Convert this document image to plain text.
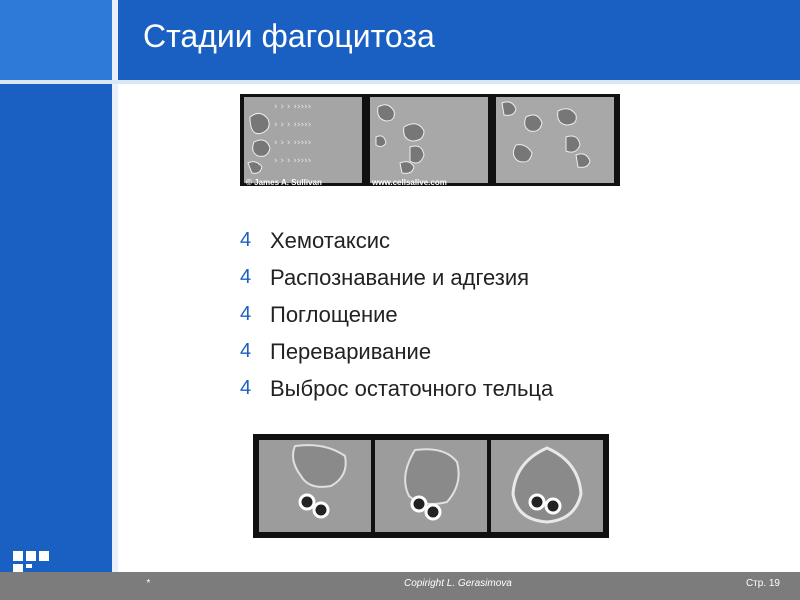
Стадии фагоцитоза
› › › ›››››
› › › ›››››
› › › ›››››
› › › ›››››
© James A. Sullivan	www.cellsalive.com
4 Хемотаксис
4 Распознавание и адгезия
4 Поглощение
4 Переваривание
4 Выброс остаточного тельца
*	Copiright L. Gerasimova	Стр. 19
